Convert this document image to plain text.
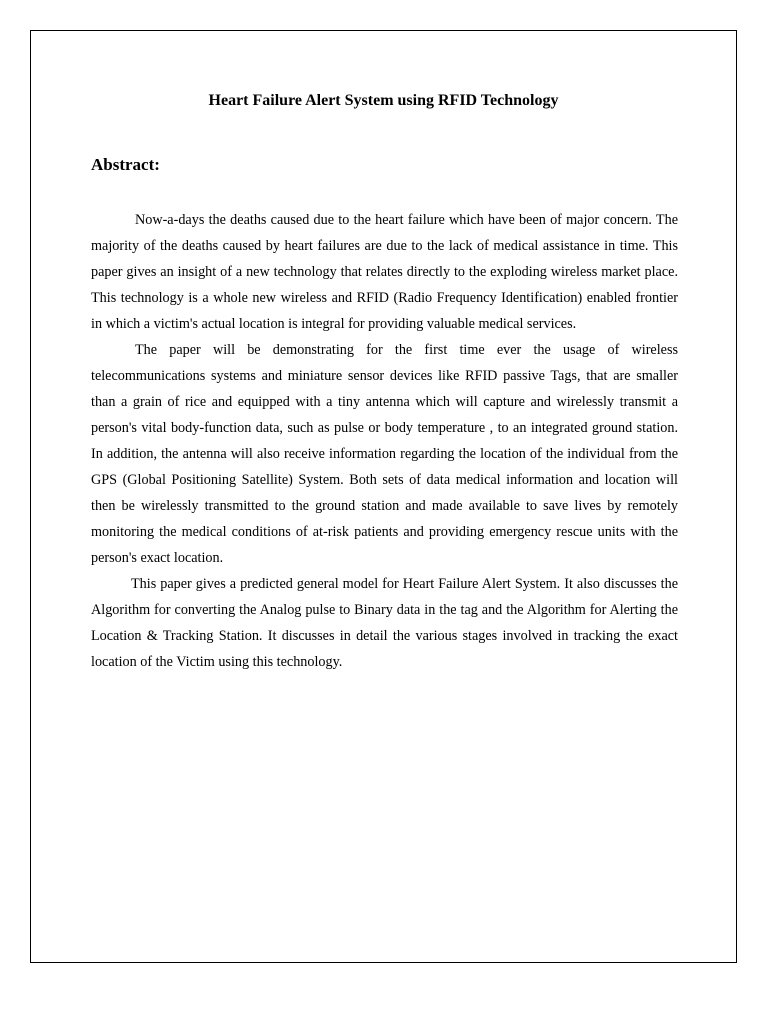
Heart Failure Alert System using RFID Technology
Abstract:

Now-a-days the deaths caused due to the heart failure which have been of major concern. The majority of the deaths caused by heart failures are due to the lack of medical assistance in time. This paper gives an insight of a new technology that relates directly to the exploding wireless market place. This technology is a whole new wireless and RFID (Radio Frequency Identification) enabled frontier in which a victim's actual location is integral for providing valuable medical services.

The paper will be demonstrating for the first time ever the usage of wireless telecommunications systems and miniature sensor devices like RFID passive Tags, that are smaller than a grain of rice and equipped with a tiny antenna which will capture and wirelessly transmit a person's vital body-function data, such as pulse or body temperature , to an integrated ground station. In addition, the antenna will also receive information regarding the location of the individual from the GPS (Global Positioning Satellite) System. Both sets of data medical information and location will then be wirelessly transmitted to the ground station and made available to save lives by remotely monitoring the medical conditions of at-risk patients and providing emergency rescue units with the person's exact location.

This paper gives a predicted general model for Heart Failure Alert System. It also discusses the Algorithm for converting the Analog pulse to Binary data in the tag and the Algorithm for Alerting the Location & Tracking Station. It discusses in detail the various stages involved in tracking the exact location of the Victim using this technology.
